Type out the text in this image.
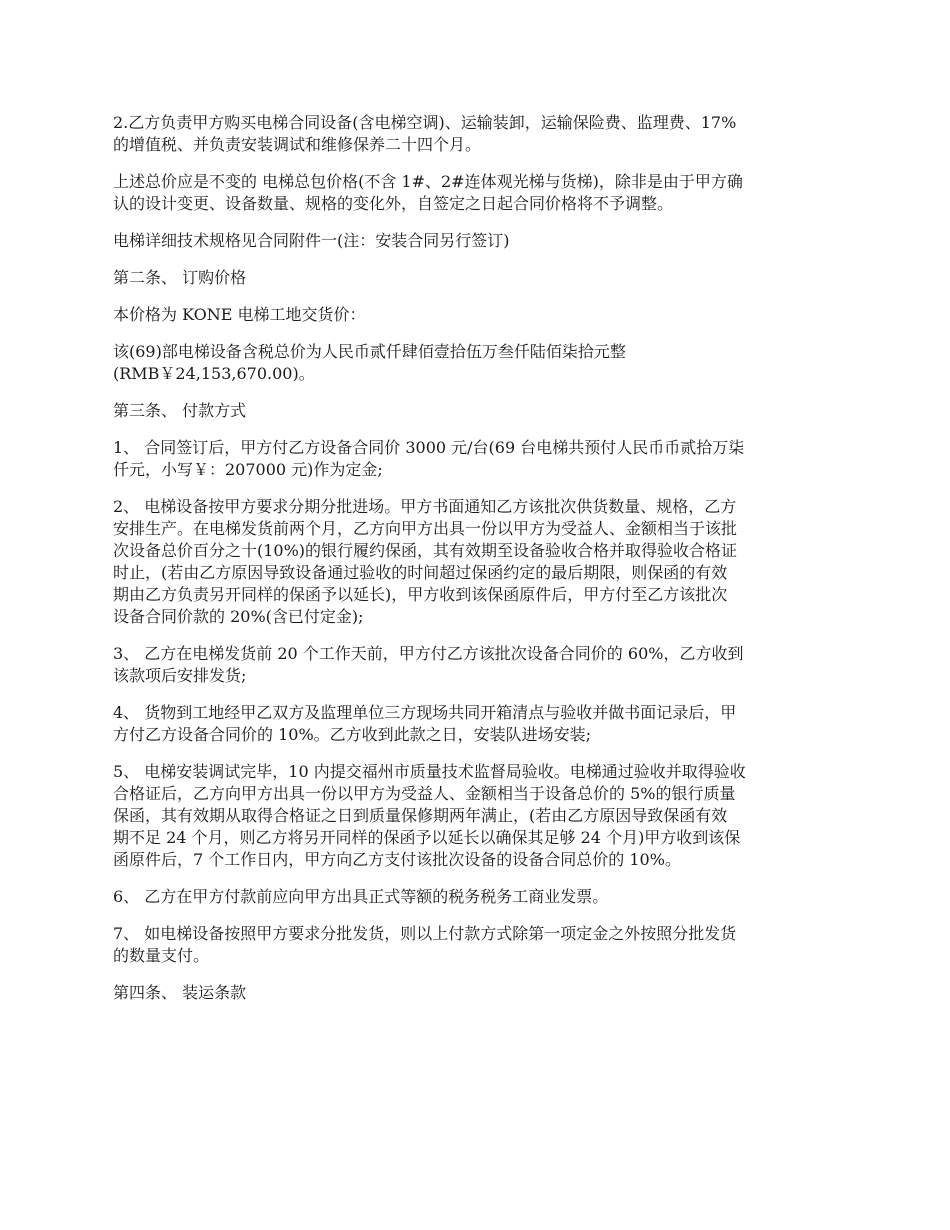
2.乙方负责甲方购买电梯合同设备(含电梯空调)、运输装卸，运输保险费、监理费、17%
的增值税、并负责安装调试和维修保养二十四个月。

上述总价应是不变的 电梯总包价格(不含 1#、2#连体观光梯与货梯)，除非是由于甲方确
认的设计变更、设备数量、规格的变化外，自签定之日起合同价格将不予调整。

电梯详细技术规格见合同附件一(注：安装合同另行签订)

第二条、 订购价格

本价格为 KONE 电梯工地交货价：

该(69)部电梯设备含税总价为人民币贰仟肆佰壹拾伍万叁仟陆佰柒拾元整
(RMB￥24,153,670.00)。

第三条、 付款方式

1、 合同签订后，甲方付乙方设备合同价 3000 元/台(69 台电梯共预付人民币币贰拾万柒
仟元，小写￥：207000 元)作为定金;

2、 电梯设备按甲方要求分期分批进场。甲方书面通知乙方该批次供货数量、规格，乙方
安排生产。在电梯发货前两个月，乙方向甲方出具一份以甲方为受益人、金额相当于该批
次设备总价百分之十(10%)的银行履约保函，其有效期至设备验收合格并取得验收合格证
时止，(若由乙方原因导致设备通过验收的时间超过保函约定的最后期限，则保函的有效
期由乙方负责另开同样的保函予以延长)，甲方收到该保函原件后，甲方付至乙方该批次
设备合同价款的 20%(含已付定金);

3、 乙方在电梯发货前 20 个工作天前，甲方付乙方该批次设备合同价的 60%，乙方收到
该款项后安排发货;

4、 货物到工地经甲乙双方及监理单位三方现场共同开箱清点与验收并做书面记录后，甲
方付乙方设备合同价的 10%。乙方收到此款之日，安装队进场安装;

5、 电梯安装调试完毕，10 内提交福州市质量技术监督局验收。电梯通过验收并取得验收
合格证后，乙方向甲方出具一份以甲方为受益人、金额相当于设备总价的 5%的银行质量
保函，其有效期从取得合格证之日到质量保修期两年满止，(若由乙方原因导致保函有效
期不足 24 个月，则乙方将另开同样的保函予以延长以确保其足够 24 个月)甲方收到该保
函原件后，7 个工作日内，甲方向乙方支付该批次设备的设备合同总价的 10%。

6、 乙方在甲方付款前应向甲方出具正式等额的税务税务工商业发票。

7、 如电梯设备按照甲方要求分批发货，则以上付款方式除第一项定金之外按照分批发货
的数量支付。

第四条、 装运条款
